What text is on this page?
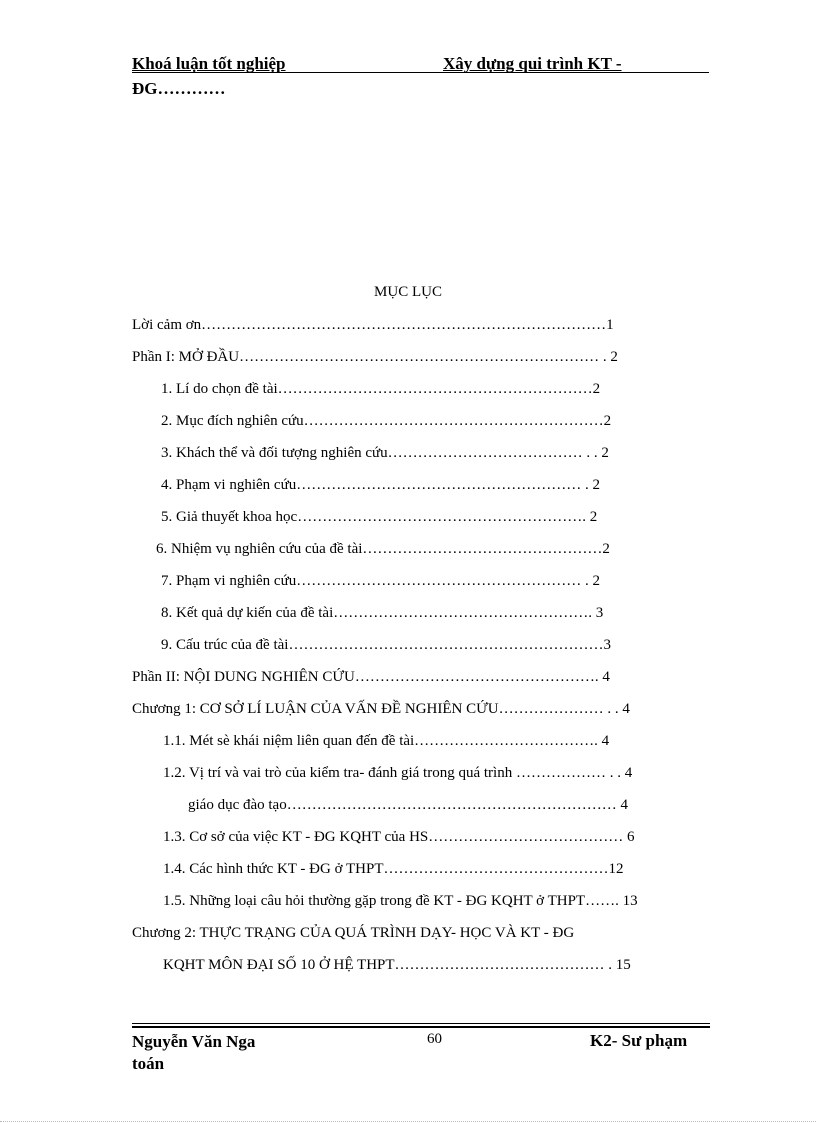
Khoá luận tốt nghiệp	Xây dựng qui trình KT -
ĐG…………
MỤC LỤC
Lời cảm ơn………………………………………………………………………1
Phần I: MỞ ĐẦU……………………………………………………………… . 2
1. Lí do chọn đề tài………………………………………………………2
2. Mục đích nghiên cứu……………………………………………………2
3. Khách thể và đối tượng nghiên cứu………………………………… . . 2
4. Phạm vi nghiên cứu………………………………………………… . 2
5. Giả thuyết khoa học…………………………………………………. 2
6. Nhiệm vụ nghiên cứu của đề tài…………………………………………2
7. Phạm vi nghiên cứu………………………………………………… . 2
8. Kết quả dự kiến của đề tài……………………………………………. 3
9. Cấu trúc của đề tài………………………………………………………3
Phần II: NỘI DUNG NGHIÊN CỨU…………………………………………. 4
Chương 1: CƠ SỞ LÍ LUẬN CỦA VẤN ĐỀ NGHIÊN CỨU………………… . . 4
1.1. Mét sè khái niệm liên quan đến đề tài………………………………. 4
1.2. Vị trí và vai trò của kiểm tra- đánh giá trong quá trình ……………… . . 4
giáo dục đào tạo………………………………………………………… 4
1.3. Cơ sở của việc KT - ĐG KQHT của HS………………………………… 6
1.4. Các hình thức KT - ĐG ở THPT………………………………………12
1.5. Những loại câu hỏi thường gặp trong đề KT - ĐG KQHT ở THPT……. 13
Chương 2: THỰC TRẠNG CỦA QUÁ TRÌNH DẠY- HỌC VÀ KT - ĐG
KQHT MÔN ĐẠI SỐ 10 Ở HỆ THPT…………………………………… . 15
Nguyễn Văn Nga
toán
60	K2- Sư phạm
